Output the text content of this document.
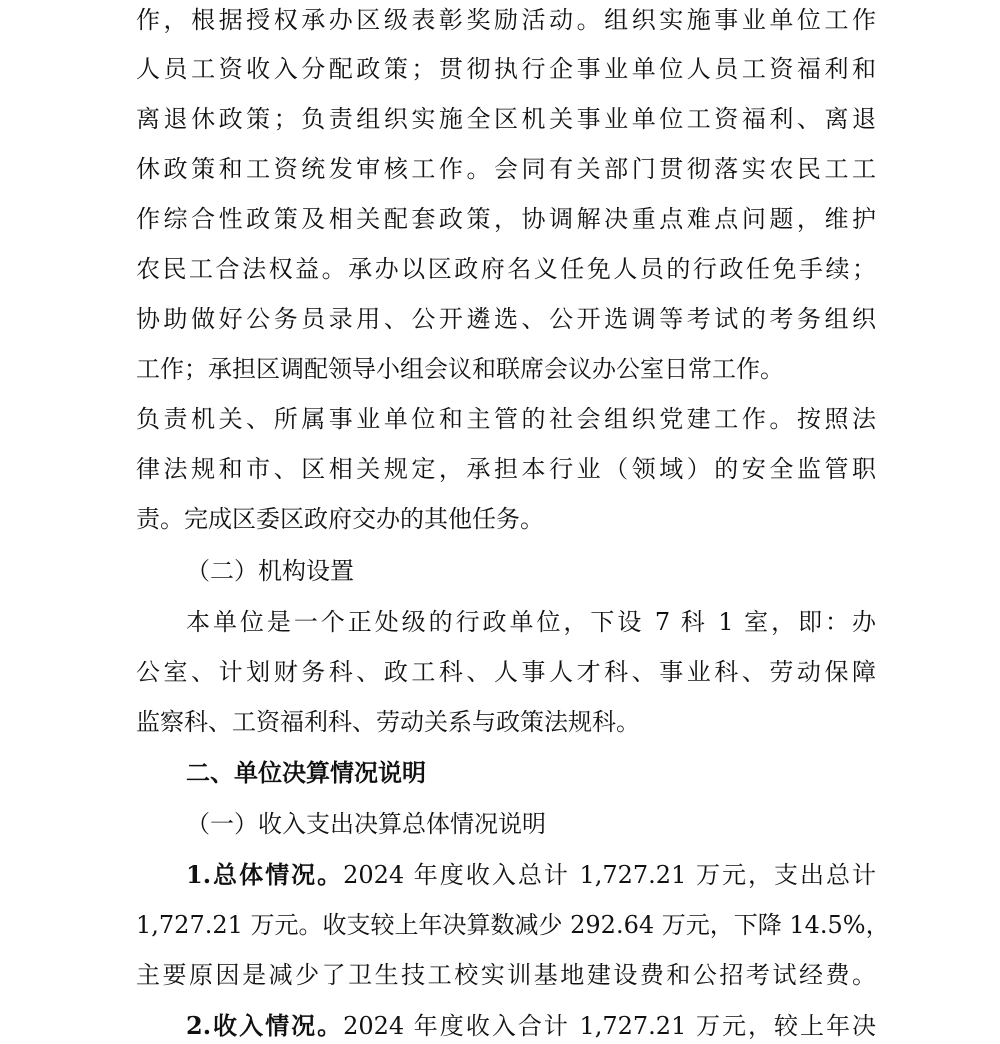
作，根据授权承办区级表彰奖励活动。组织实施事业单位工作
人员工资收入分配政策；贯彻执行企事业单位人员工资福利和
离退休政策；负责组织实施全区机关事业单位工资福利、离退
休政策和工资统发审核工作。会同有关部门贯彻落实农民工工
作综合性政策及相关配套政策，协调解决重点难点问题，维护
农民工合法权益。承办以区政府名义任免人员的行政任免手续；
协助做好公务员录用、公开遴选、公开选调等考试的考务组织
工作；承担区调配领导小组会议和联席会议办公室日常工作。
负责机关、所属事业单位和主管的社会组织党建工作。按照法
律法规和市、区相关规定，承担本行业（领域）的安全监管职
责。完成区委区政府交办的其他任务。
（二）机构设置
本单位是一个正处级的行政单位，下设 7 科 1 室，即：办
公室、计划财务科、政工科、人事人才科、事业科、劳动保障
监察科、工资福利科、劳动关系与政策法规科。
二、单位决算情况说明
（一）收入支出决算总体情况说明
1.总体情况。2024 年度收入总计 1,727.21 万元，支出总计
1,727.21 万元。收支较上年决算数减少 292.64 万元，下降 14.5%，
主要原因是减少了卫生技工校实训基地建设费和公招考试经费。
2.收入情况。2024 年度收入合计 1,727.21 万元，较上年决
